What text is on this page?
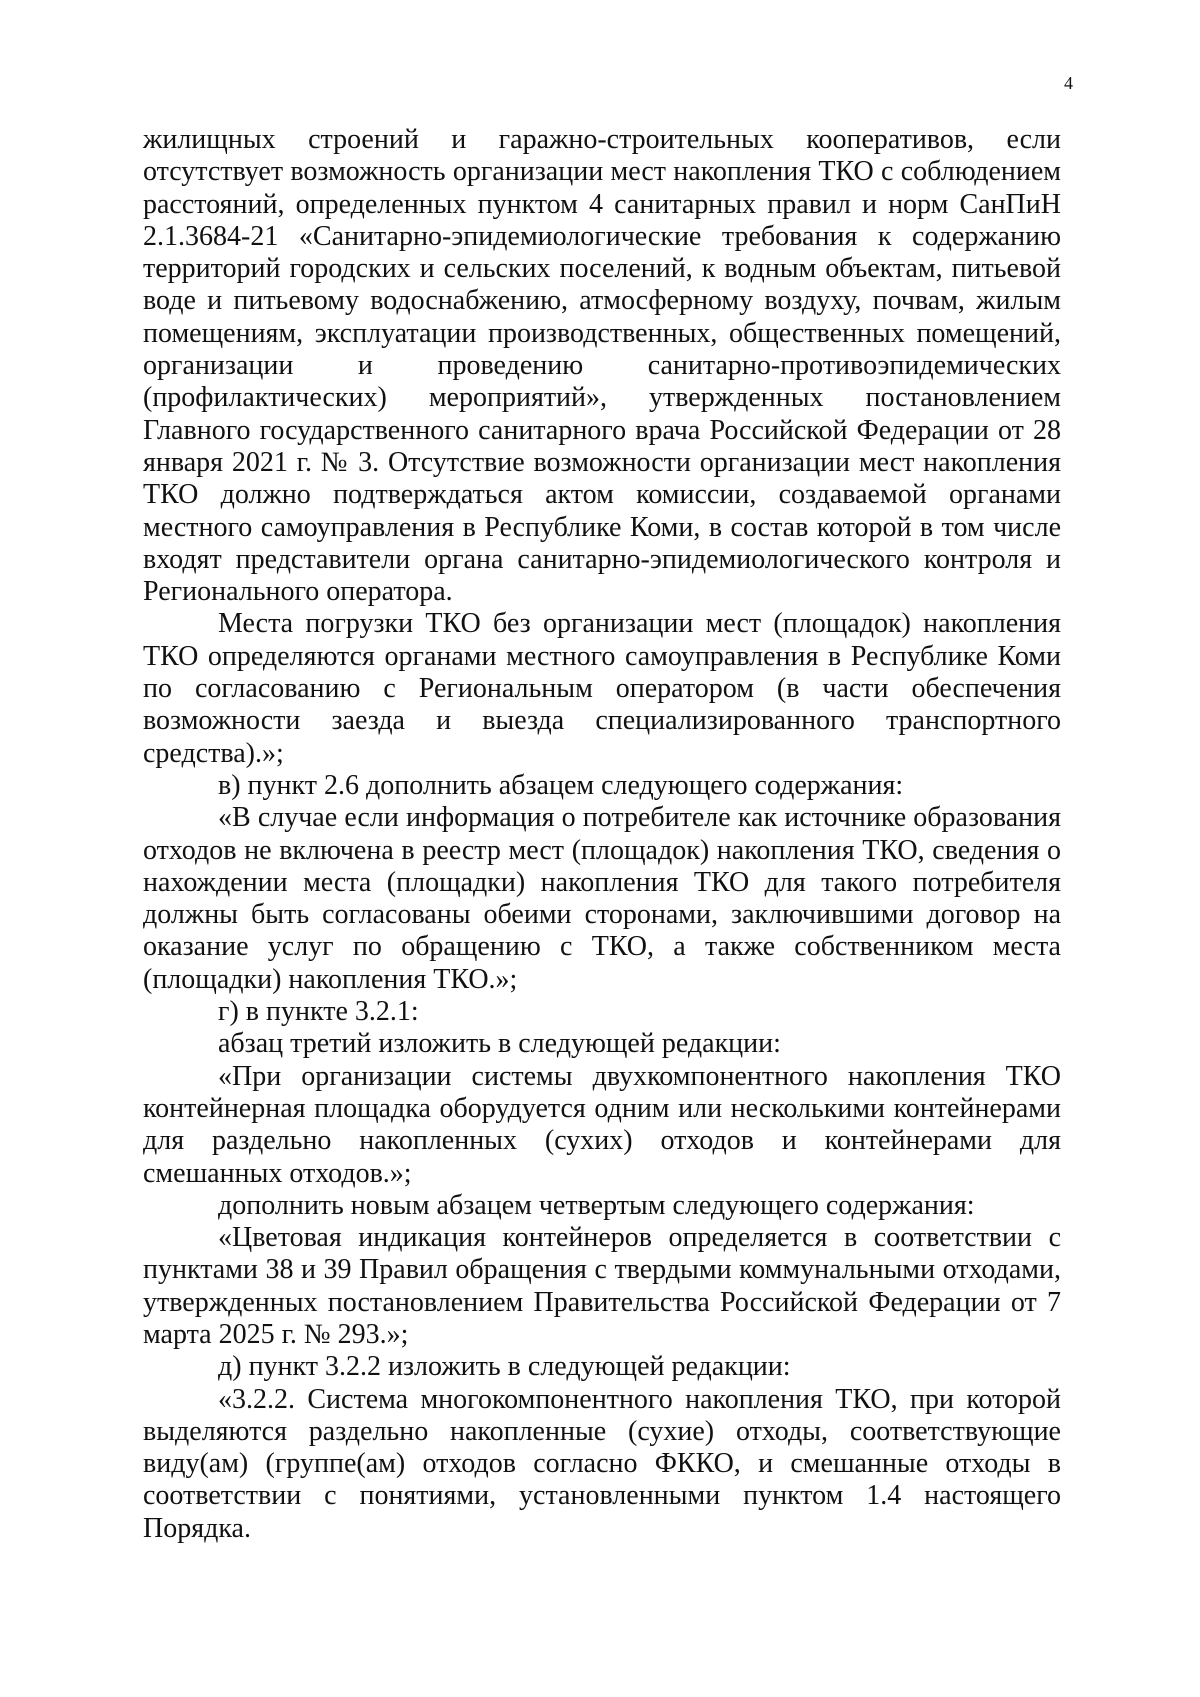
4

жилищных строений и гаражно-строительных кооперативов, если отсутствует возможность организации мест накопления ТКО с соблюдением расстояний, определенных пунктом 4 санитарных правил и норм СанПиН 2.1.3684-21 «Санитарно-эпидемиологические требования к содержанию территорий городских и сельских поселений, к водным объектам, питьевой воде и питьевому водоснабжению, атмосферному воздуху, почвам, жилым помещениям, эксплуатации производственных, общественных помещений, организации и проведению санитарно-противоэпидемических (профилактических) мероприятий», утвержденных постановлением Главного государственного санитарного врача Российской Федерации от 28 января 2021 г. № 3. Отсутствие возможности организации мест накопления ТКО должно подтверждаться актом комиссии, создаваемой органами местного самоуправления в Республике Коми, в состав которой в том числе входят представители органа санитарно-эпидемиологического контроля и Регионального оператора.

Места погрузки ТКО без организации мест (площадок) накопления ТКО определяются органами местного самоуправления в Республике Коми по согласованию с Региональным оператором (в части обеспечения возможности заезда и выезда специализированного транспортного средства).»;

в) пункт 2.6 дополнить абзацем следующего содержания:

«В случае если информация о потребителе как источнике образования отходов не включена в реестр мест (площадок) накопления ТКО, сведения о нахождении места (площадки) накопления ТКО для такого потребителя должны быть согласованы обеими сторонами, заключившими договор на оказание услуг по обращению с ТКО, а также собственником места (площадки) накопления ТКО.»;

г) в пункте 3.2.1:

абзац третий изложить в следующей редакции:

«При организации системы двухкомпонентного накопления ТКО контейнерная площадка оборудуется одним или несколькими контейнерами для раздельно накопленных (сухих) отходов и контейнерами для смешанных отходов.»;

дополнить новым абзацем четвертым следующего содержания:

«Цветовая индикация контейнеров определяется в соответствии с пунктами 38 и 39 Правил обращения с твердыми коммунальными отходами, утвержденных постановлением Правительства Российской Федерации от 7 марта 2025 г. № 293.»;

д) пункт 3.2.2 изложить в следующей редакции:

«3.2.2. Система многокомпонентного накопления ТКО, при которой выделяются раздельно накопленные (сухие) отходы, соответствующие виду(ам) (группе(ам) отходов согласно ФККО, и смешанные отходы в соответствии с понятиями, установленными пунктом 1.4 настоящего Порядка.
